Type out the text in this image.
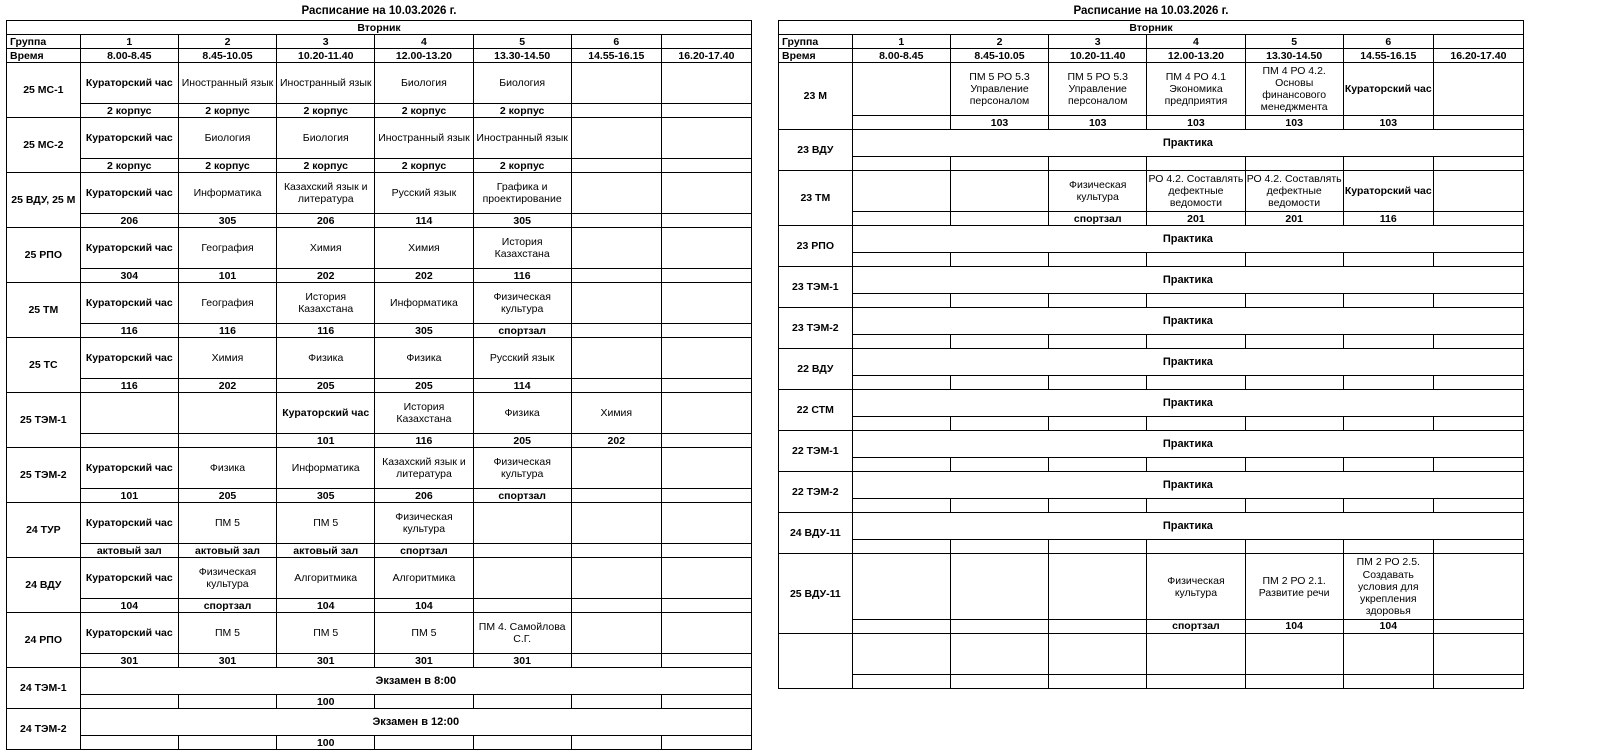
Расписание на 10.03.2026 г.
Вторник							
Группа	1	2	3	4	5	6	
Время	8.00-8.45	8.45-10.05	10.20-11.40	12.00-13.20	13.30-14.50	14.55-16.15	16.20-17.40
25 МС-1	Кураторский час	Иностранный язык	Иностранный язык	Биология	Биология		
	2 корпус	2 корпус	2 корпус	2 корпус	2 корпус		
25 МС-2	Кураторский час	Биология	Биология	Иностранный язык	Иностранный язык		
	2 корпус	2 корпус	2 корпус	2 корпус	2 корпус		
25 ВДУ, 25 М	Кураторский час	Информатика	Казахский язык и литература	Русский язык	Графика и проектирование		
	206	305	206	114	305		
25 РПО	Кураторский час	География	Химия	Химия	История Казахстана		
	304	101	202	202	116		
25 ТМ	Кураторский час	География	История Казахстана	Информатика	Физическая культура		
	116	116	116	305	спортзал		
25 ТС	Кураторский час	Химия	Физика	Физика	Русский язык		
	116	202	205	205	114		
25 ТЭМ-1			Кураторский час	История Казахстана	Физика	Химия	
			101	116	205	202	
25 ТЭМ-2	Кураторский час	Физика	Информатика	Казахский язык и литература	Физическая культура		
	101	205	305	206	спортзал		
24 ТУР	Кураторский час	ПМ 5	ПМ 5	Физическая культура			
	актовый зал	актовый зал	актовый зал	спортзал			
24 ВДУ	Кураторский час	Физическая культура	Алгоритмика	Алгоритмика			
	104	спортзал	104	104			
24 РПО	Кураторский час	ПМ 5	ПМ 5	ПМ 5	ПМ 4. Самойлова С.Г.		
	301	301	301	301	301		
24 ТЭМ-1	Экзамен в 8:00						
			100				
24 ТЭМ-2	Экзамен в 12:00						
			100				
Расписание на 10.03.2026 г.
Вторник							
Группа	1	2	3	4	5	6	
Время	8.00-8.45	8.45-10.05	10.20-11.40	12.00-13.20	13.30-14.50	14.55-16.15	16.20-17.40
23 М		ПМ 5 РО 5.3 Управление персоналом	ПМ 5 РО 5.3 Управление персоналом	ПМ 4 РО 4.1 Экономика предприятия	ПМ 4 РО 4.2. Основы финансового менеджмента	Кураторский час	
		103	103	103	103	103	
23 ВДУ	Практика						

23 ТМ			Физическая культура	РО 4.2. Составлять дефектные ведомости	РО 4.2. Составлять дефектные ведомости	Кураторский час	
			спортзал	201	201	116	
23 РПО	Практика						

23 ТЭМ-1	Практика						

23 ТЭМ-2	Практика						

22 ВДУ	Практика						

22 СТМ	Практика						

22 ТЭМ-1	Практика						

22 ТЭМ-2	Практика						

24 ВДУ-11	Практика						

25 ВДУ-11				Физическая культура	ПМ 2 РО 2.1. Развитие речи	ПМ 2 РО 2.5. Создавать условия для укрепления здоровья	
				спортзал	104	104	
